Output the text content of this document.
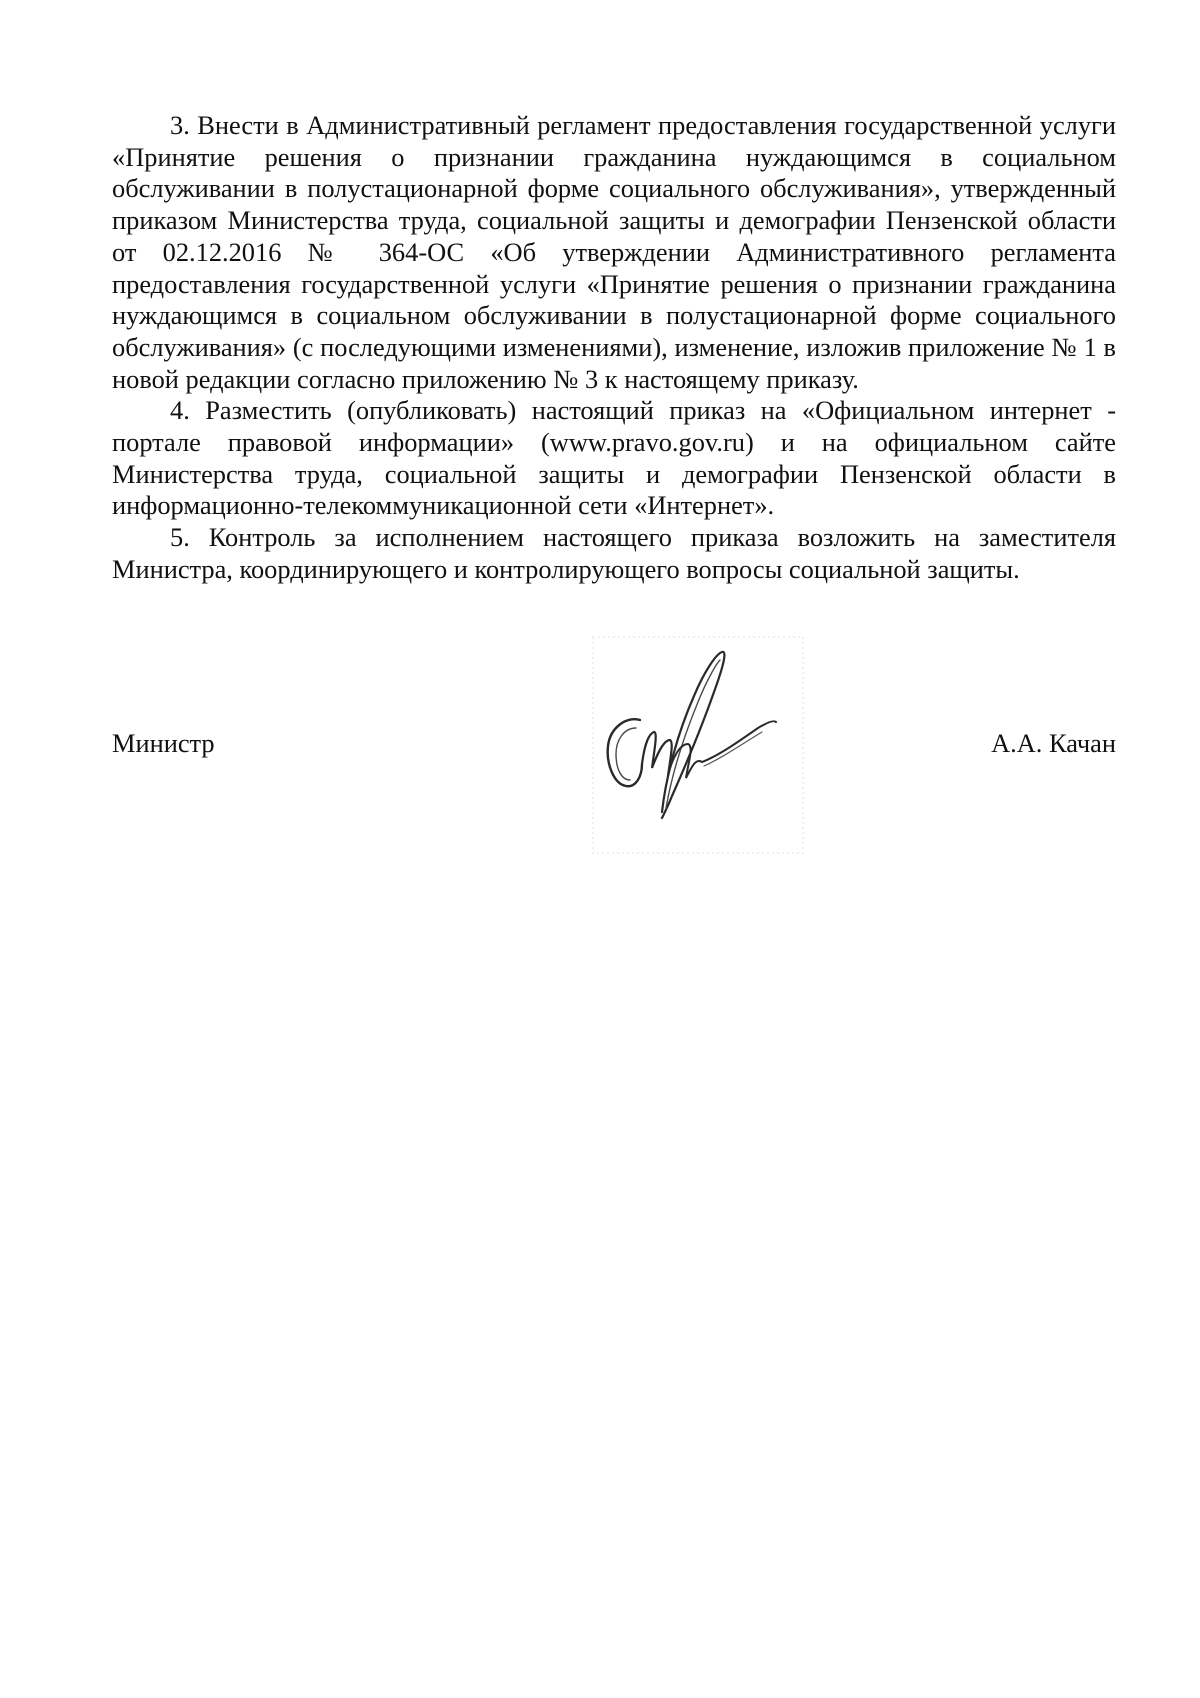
3. Внести в Административный регламент предоставления государственной услуги «Принятие решения о признании гражданина нуждающимся в социальном обслуживании в полустационарной форме социального обслуживания», утвержденный приказом Министерства труда, социальной защиты и демографии Пензенской области от 02.12.2016 № 364-ОС «Об утверждении Административного регламента предоставления государственной услуги «Принятие решения о признании гражданина нуждающимся в социальном обслуживании в полустационарной форме социального обслуживания» (с последующими изменениями), изменение, изложив приложение № 1 в новой редакции согласно приложению № 3 к настоящему приказу.

4. Разместить (опубликовать) настоящий приказ на «Официальном интернет - портале правовой информации» (www.pravo.gov.ru) и на официальном сайте Министерства труда, социальной защиты и демографии Пензенской области в информационно-телекоммуникационной сети «Интернет».

5. Контроль за исполнением настоящего приказа возложить на заместителя Министра, координирующего и контролирующего вопросы социальной защиты.

Министр	А.А. Качан
